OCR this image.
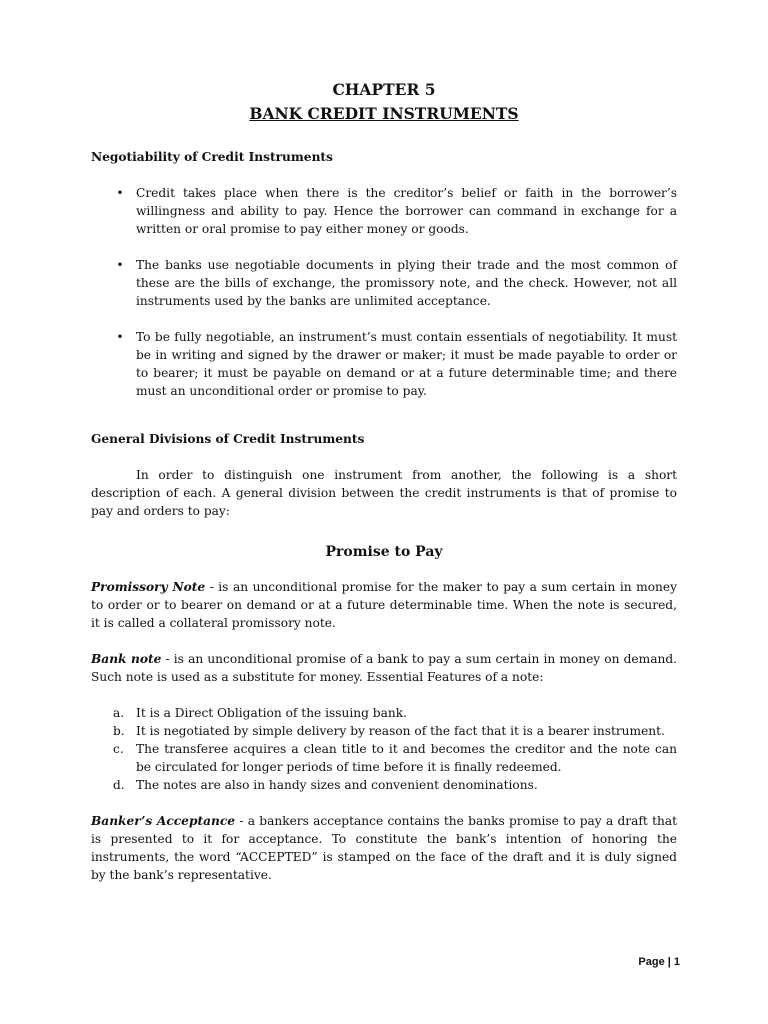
CHAPTER 5
BANK CREDIT INSTRUMENTS
Negotiability of Credit Instruments
• Credit takes place when there is the creditor’s belief or faith in the borrower’s willingness and ability to pay. Hence the borrower can command in exchange for a written or oral promise to pay either money or goods.
• The banks use negotiable documents in plying their trade and the most common of these are the bills of exchange, the promissory note, and the check. However, not all instruments used by the banks are unlimited acceptance.
• To be fully negotiable, an instrument’s must contain essentials of negotiability. It must be in writing and signed by the drawer or maker; it must be made payable to order or to bearer; it must be payable on demand or at a future determinable time; and there must an unconditional order or promise to pay.
General Divisions of Credit Instruments

In order to distinguish one instrument from another, the following is a short description of each. A general division between the credit instruments is that of promise to pay and orders to pay:

Promise to Pay

Promissory Note - is an unconditional promise for the maker to pay a sum certain in money to order or to bearer on demand or at a future determinable time. When the note is secured, it is called a collateral promissory note.

Bank note - is an unconditional promise of a bank to pay a sum certain in money on demand. Such note is used as a substitute for money. Essential Features of a note:

a. It is a Direct Obligation of the issuing bank.
b. It is negotiated by simple delivery by reason of the fact that it is a bearer instrument.
c. The transferee acquires a clean title to it and becomes the creditor and the note can be circulated for longer periods of time before it is finally redeemed.
d. The notes are also in handy sizes and convenient denominations.

Banker’s Acceptance - a bankers acceptance contains the banks promise to pay a draft that is presented to it for acceptance. To constitute the bank’s intention of honoring the instruments, the word “ACCEPTED” is stamped on the face of the draft and it is duly signed by the bank’s representative.

Page | 1
